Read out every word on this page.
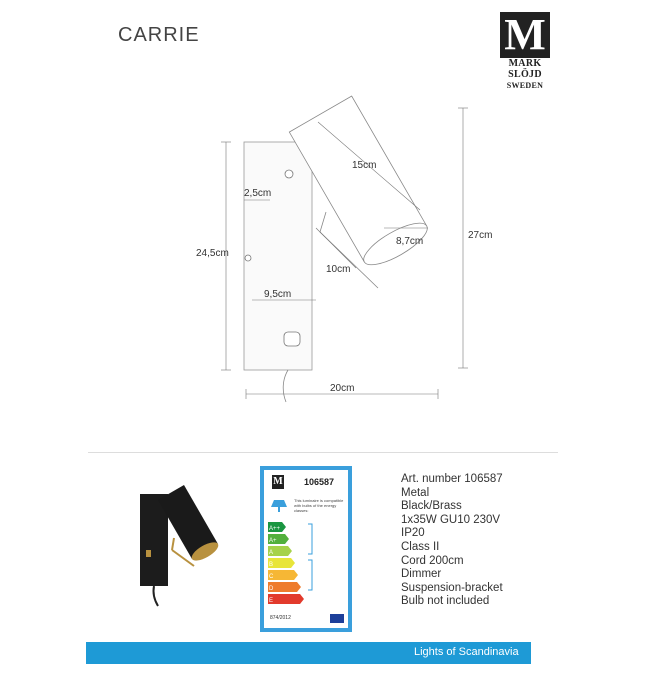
CARRIE	M
MARK
SLÖJD
SWEDEN
15cm
2,5cm
8,7cm
24,5cm
27cm
10cm
9,5cm
20cm
M 106587
This luminaire is compatible with bulbs of the energy classes:
A++
A+
A
B
C
D
E
874/2012
Art. number 106587
Metal
Black/Brass
1x35W GU10 230V
IP20
Class II
Cord 200cm
Dimmer
Suspension-bracket
Bulb not included
Lights of Scandinavia
